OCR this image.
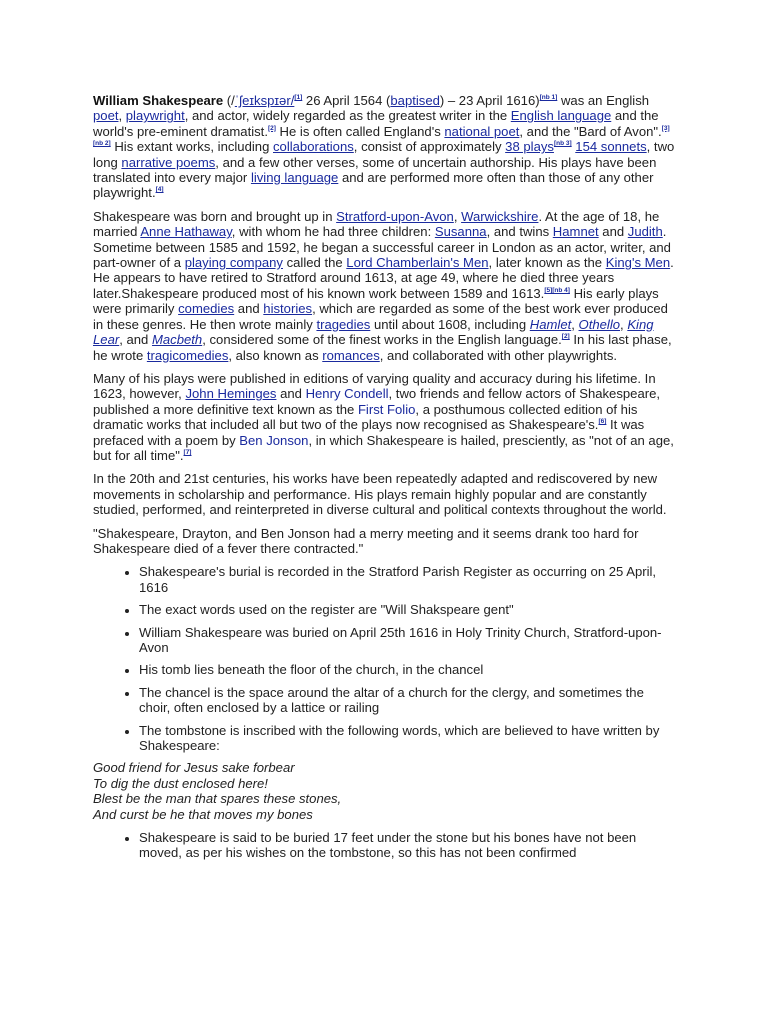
William Shakespeare (/ˈʃeɪkspɪər/[1] 26 April 1564 (baptised) – 23 April 1616)[nb 1] was an English poet, playwright, and actor, widely regarded as the greatest writer in the English language and the world's pre-eminent dramatist.[2] He is often called England's national poet, and the "Bard of Avon".[3][nb 2] His extant works, including collaborations, consist of approximately 38 plays[nb 3] 154 sonnets, two long narrative poems, and a few other verses, some of uncertain authorship. His plays have been translated into every major living language and are performed more often than those of any other playwright.[4]

Shakespeare was born and brought up in Stratford-upon-Avon, Warwickshire. At the age of 18, he married Anne Hathaway, with whom he had three children: Susanna, and twins Hamnet and Judith. Sometime between 1585 and 1592, he began a successful career in London as an actor, writer, and part-owner of a playing company called the Lord Chamberlain's Men, later known as the King's Men. He appears to have retired to Stratford around 1613, at age 49, where he died three years later.Shakespeare produced most of his known work between 1589 and 1613.[5][nb 4] His early plays were primarily comedies and histories, which are regarded as some of the best work ever produced in these genres. He then wrote mainly tragedies until about 1608, including Hamlet, Othello, King Lear, and Macbeth, considered some of the finest works in the English language.[2] In his last phase, he wrote tragicomedies, also known as romances, and collaborated with other playwrights.

Many of his plays were published in editions of varying quality and accuracy during his lifetime. In 1623, however, John Heminges and Henry Condell, two friends and fellow actors of Shakespeare, published a more definitive text known as the First Folio, a posthumous collected edition of his dramatic works that included all but two of the plays now recognised as Shakespeare's.[6] It was prefaced with a poem by Ben Jonson, in which Shakespeare is hailed, presciently, as "not of an age, but for all time".[7]

In the 20th and 21st centuries, his works have been repeatedly adapted and rediscovered by new movements in scholarship and performance. His plays remain highly popular and are constantly studied, performed, and reinterpreted in diverse cultural and political contexts throughout the world.

"Shakespeare, Drayton, and Ben Jonson had a merry meeting and it seems drank too hard for Shakespeare died of a fever there contracted."

• Shakespeare's burial is recorded in the Stratford Parish Register as occurring on 25 April, 1616
• The exact words used on the register are "Will Shakspeare gent"
• William Shakespeare was buried on April 25th 1616 in Holy Trinity Church, Stratford-upon-Avon
• His tomb lies beneath the floor of the church, in the chancel
• The chancel is the space around the altar of a church for the clergy, and sometimes the choir, often enclosed by a lattice or railing
• The tombstone is inscribed with the following words, which are believed to have written by Shakespeare:
Good friend for Jesus sake forbear
To dig the dust enclosed here!
Blest be the man that spares these stones,
And curst be he that moves my bones
• Shakespeare is said to be buried 17 feet under the stone but his bones have not been moved, as per his wishes on the tombstone, so this has not been confirmed
